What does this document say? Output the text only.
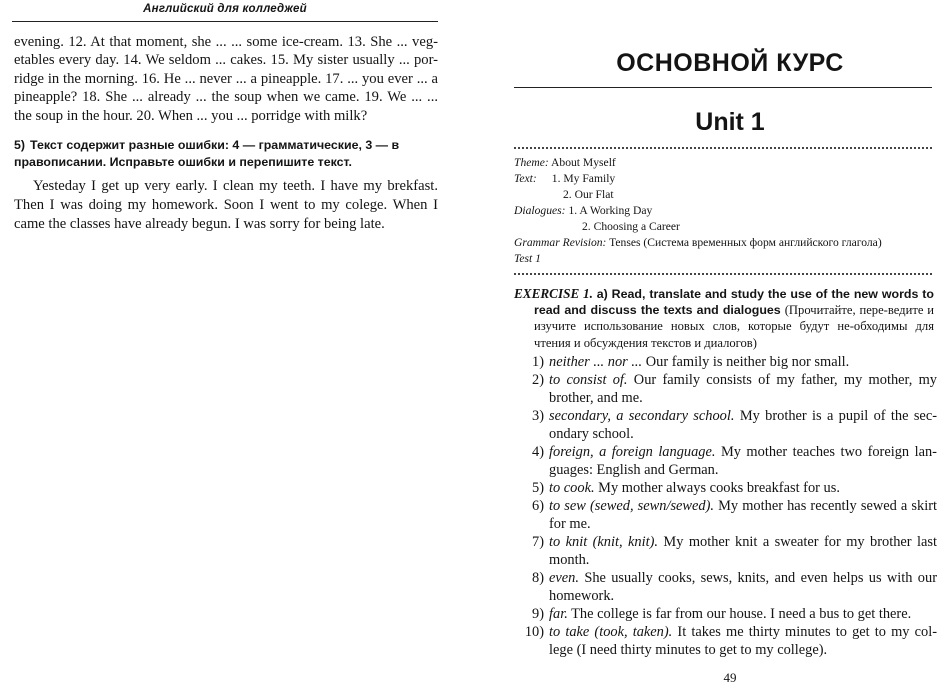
Английский для колледжей

evening. 12. At that moment, she ... ... some ice-cream. 13. She ... veg-etables every day. 14. We seldom ... cakes. 15. My sister usually ... por-ridge in the morning. 16. He ... never ... a pineapple. 17. ... you ever ... a pineapple? 18. She ... already ... the soup when we came. 19. We ... ... the soup in the hour. 20. When ... you ... porridge with milk?

5) Текст содержит разные ошибки: 4 — грамматические, 3 — в правописании. Исправьте ошибки и перепишите текст.

Yesteday I get up very early. I clean my teeth. I have my brekfast. Then I was doing my homework. Soon I went to my colege. When I came the classes have already begun. I was sorry for being late.

ОСНОВНОЙ КУРС
Unit 1
Theme: About Myself
Text: 1. My Family
2. Our Flat
Dialogues: 1. A Working Day
2. Choosing a Career
Grammar Revision: Tenses (Система временных форм английского глагола)
Test 1
EXERCISE 1. a) Read, translate and study the use of the new words to read and discuss the texts and dialogues (Прочитайте, пере-ведите и изучите использование новых слов, которые будут не-обходимы для чтения и обсуждения текстов и диалогов)
1) neither ... nor ... Our family is neither big nor small.
2) to consist of. Our family consists of my father, my mother, my brother, and me.
3) secondary, a secondary school. My brother is a pupil of the sec-ondary school.
4) foreign, a foreign language. My mother teaches two foreign lan-guages: English and German.
5) to cook. My mother always cooks breakfast for us.
6) to sew (sewed, sewn/sewed). My mother has recently sewed a skirt for me.
7) to knit (knit, knit). My mother knit a sweater for my brother last month.
8) even. She usually cooks, sews, knits, and even helps us with our homework.
9) far. The college is far from our house. I need a bus to get there.
10) to take (took, taken). It takes me thirty minutes to get to my col-lege (I need thirty minutes to get to my college).
49
